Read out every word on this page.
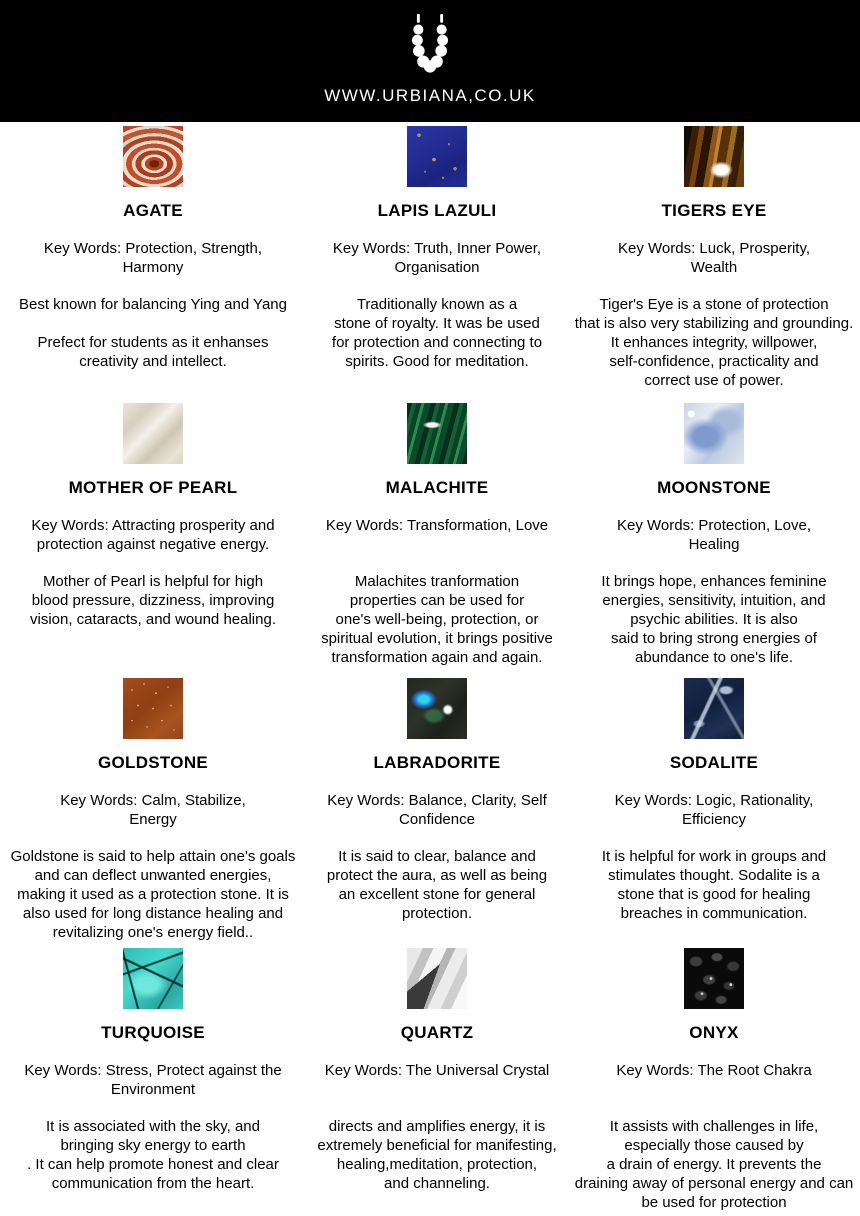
WWW.URBIANA,CO.UK
AGATE
Key Words: Protection, Strength,
Harmony
Best known for balancing Ying and Yang

Prefect for students as it enhanses
creativity and intellect.
LAPIS LAZULI
Key Words: Truth, Inner Power,
Organisation
Traditionally known as a
stone of royalty. It was be used
for protection and connecting to
spirits. Good for meditation.
TIGERS EYE
Key Words: Luck, Prosperity,
Wealth
Tiger's Eye is a stone of protection
that is also very stabilizing and grounding.
It enhances integrity, willpower,
self-confidence, practicality and
correct use of power.
MOTHER OF PEARL
Key Words: Attracting prosperity and
protection against negative energy.
Mother of Pearl is helpful for high
blood pressure, dizziness, improving
vision, cataracts, and wound healing.
MALACHITE
Key Words: Transformation, Love
Malachites tranformation
properties can be used for
one's well-being, protection, or
spiritual evolution, it brings positive
transformation again and again.
MOONSTONE
Key Words: Protection, Love,
Healing
It brings hope, enhances feminine
energies, sensitivity, intuition, and
psychic abilities. It is also
said to bring strong energies of
abundance to one's life.
GOLDSTONE
Key Words: Calm, Stabilize,
Energy
Goldstone is said to help attain one's goals
and can deflect unwanted energies,
making it used as a protection stone. It is
also used for long distance healing and
revitalizing one's energy field..
LABRADORITE
Key Words: Balance, Clarity, Self
Confidence
It is said to clear, balance and
protect the aura, as well as being
an excellent stone for general
protection.
SODALITE
Key Words: Logic, Rationality,
Efficiency
It is helpful for work in groups and
stimulates thought. Sodalite is a
stone that is good for healing
breaches in communication.
TURQUOISE
Key Words: Stress, Protect against the
Environment
It is associated with the sky, and
bringing sky energy to earth
. It can help promote honest and clear
communication from the heart.
QUARTZ
Key Words: The Universal Crystal
directs and amplifies energy, it is
extremely beneficial for manifesting,
healing,meditation, protection,
and channeling.
ONYX
Key Words: The Root Chakra
It assists with challenges in life,
especially those caused by
a drain of energy. It prevents the
draining away of personal energy and can
be used for protection
